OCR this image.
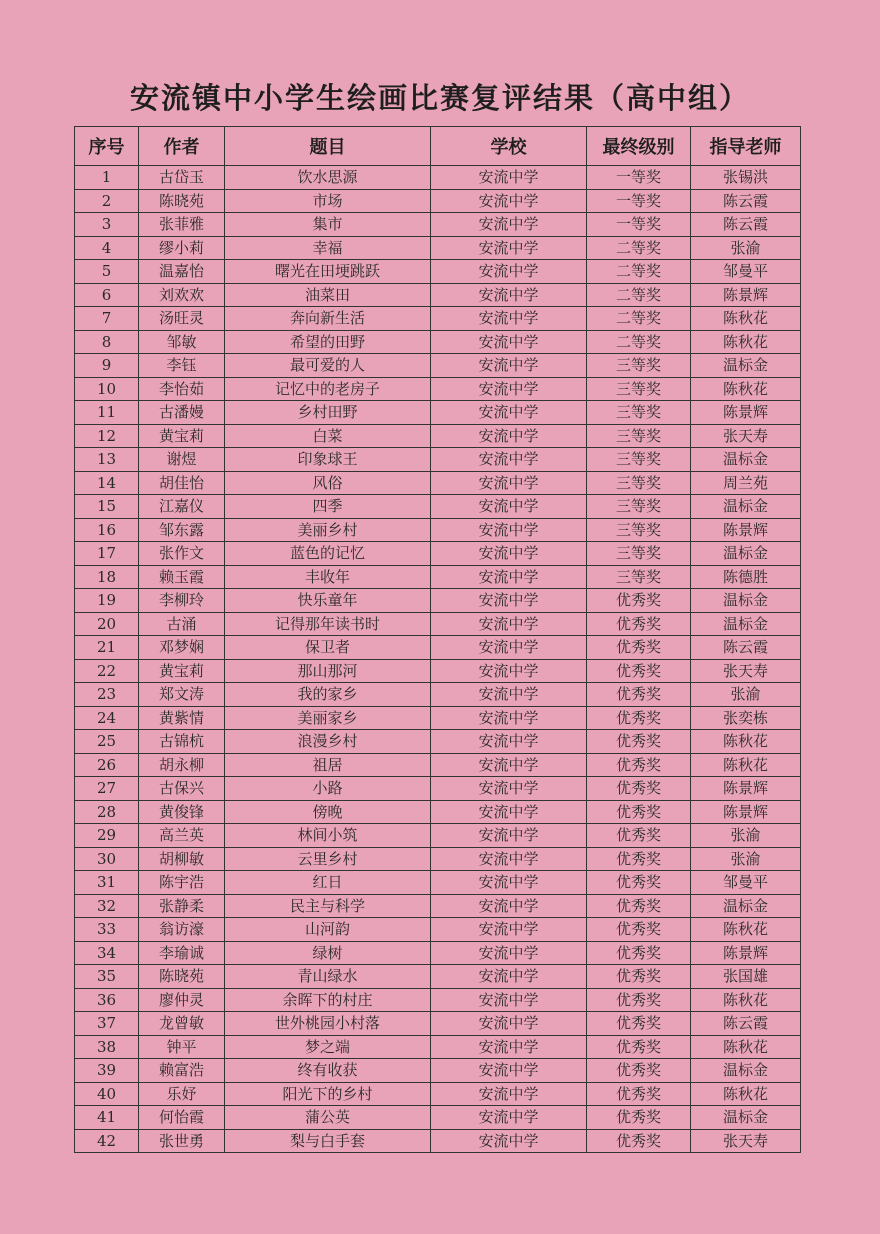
安流镇中小学生绘画比赛复评结果（高中组）
序号	作者	题目	学校	最终级别	指导老师
1	古岱玉	饮水思源	安流中学	一等奖	张锡洪
2	陈晓苑	市场	安流中学	一等奖	陈云霞
3	张菲雅	集市	安流中学	一等奖	陈云霞
4	缪小莉	幸福	安流中学	二等奖	张渝
5	温嘉怡	曙光在田埂跳跃	安流中学	二等奖	邹曼平
6	刘欢欢	油菜田	安流中学	二等奖	陈景辉
7	汤旺灵	奔向新生活	安流中学	二等奖	陈秋花
8	邹敏	希望的田野	安流中学	二等奖	陈秋花
9	李钰	最可爱的人	安流中学	三等奖	温标金
10	李怡茹	记忆中的老房子	安流中学	三等奖	陈秋花
11	古潘嫚	乡村田野	安流中学	三等奖	陈景辉
12	黄宝莉	白菜	安流中学	三等奖	张天寿
13	谢煜	印象球王	安流中学	三等奖	温标金
14	胡佳怡	风俗	安流中学	三等奖	周兰苑
15	江嘉仪	四季	安流中学	三等奖	温标金
16	邹东露	美丽乡村	安流中学	三等奖	陈景辉
17	张作文	蓝色的记忆	安流中学	三等奖	温标金
18	赖玉霞	丰收年	安流中学	三等奖	陈德胜
19	李柳玲	快乐童年	安流中学	优秀奖	温标金
20	古涌	记得那年读书时	安流中学	优秀奖	温标金
21	邓梦娴	保卫者	安流中学	优秀奖	陈云霞
22	黄宝莉	那山那河	安流中学	优秀奖	张天寿
23	郑文涛	我的家乡	安流中学	优秀奖	张渝
24	黄紫情	美丽家乡	安流中学	优秀奖	张奕栋
25	古锦杭	浪漫乡村	安流中学	优秀奖	陈秋花
26	胡永柳	祖居	安流中学	优秀奖	陈秋花
27	古保兴	小路	安流中学	优秀奖	陈景辉
28	黄俊锋	傍晚	安流中学	优秀奖	陈景辉
29	高兰英	林间小筑	安流中学	优秀奖	张渝
30	胡柳敏	云里乡村	安流中学	优秀奖	张渝
31	陈宇浩	红日	安流中学	优秀奖	邹曼平
32	张静柔	民主与科学	安流中学	优秀奖	温标金
33	翁访濠	山河韵	安流中学	优秀奖	陈秋花
34	李瑜诚	绿树	安流中学	优秀奖	陈景辉
35	陈晓苑	青山绿水	安流中学	优秀奖	张国雄
36	廖仲灵	余晖下的村庄	安流中学	优秀奖	陈秋花
37	龙曾敏	世外桃园小村落	安流中学	优秀奖	陈云霞
38	钟平	梦之端	安流中学	优秀奖	陈秋花
39	赖富浩	终有收获	安流中学	优秀奖	温标金
40	乐妤	阳光下的乡村	安流中学	优秀奖	陈秋花
41	何怡霞	蒲公英	安流中学	优秀奖	温标金
42	张世勇	梨与白手套	安流中学	优秀奖	张天寿
